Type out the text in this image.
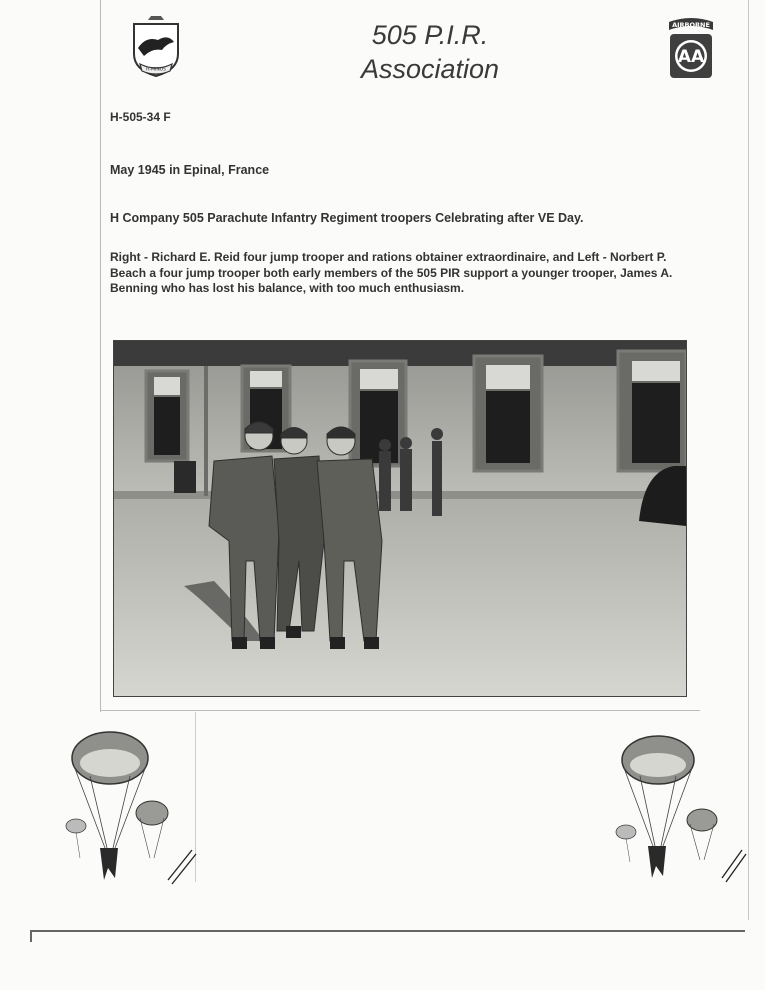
H-MINUS
505 P.I.R.
Association
AIRBORNE
AA
H-505-34 F
May 1945 in Epinal, France
H Company 505 Parachute Infantry Regiment troopers Celebrating after VE Day.
Right - Richard E. Reid four jump trooper and rations obtainer extraordinaire, and Left - Norbert P. Beach a four jump trooper both early members of the 505 PIR support a younger trooper, James A. Benning who has lost his balance, with too much enthusiasm.
